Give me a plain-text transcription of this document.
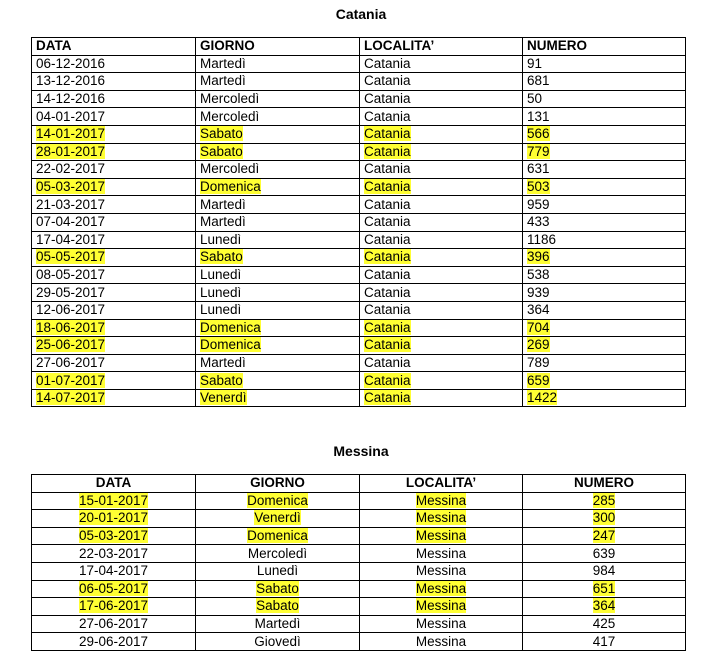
Catania
DATA	GIORNO	LOCALITA’	NUMERO
06-12-2016	Martedì	Catania	91
13-12-2016	Martedì	Catania	681
14-12-2016	Mercoledì	Catania	50
04-01-2017	Mercoledì	Catania	131
14-01-2017	Sabato	Catania	566
28-01-2017	Sabato	Catania	779
22-02-2017	Mercoledì	Catania	631
05-03-2017	Domenica	Catania	503
21-03-2017	Martedì	Catania	959
07-04-2017	Martedì	Catania	433
17-04-2017	Lunedì	Catania	1186
05-05-2017	Sabato	Catania	396
08-05-2017	Lunedì	Catania	538
29-05-2017	Lunedì	Catania	939
12-06-2017	Lunedì	Catania	364
18-06-2017	Domenica	Catania	704
25-06-2017	Domenica	Catania	269
27-06-2017	Martedì	Catania	789
01-07-2017	Sabato	Catania	659
14-07-2017	Venerdì	Catania	1422
Messina
DATA	GIORNO	LOCALITA’	NUMERO
15-01-2017	Domenica	Messina	285
20-01-2017	Venerdì	Messina	300
05-03-2017	Domenica	Messina	247
22-03-2017	Mercoledì	Messina	639
17-04-2017	Lunedì	Messina	984
06-05-2017	Sabato	Messina	651
17-06-2017	Sabato	Messina	364
27-06-2017	Martedì	Messina	425
29-06-2017	Giovedì	Messina	417
